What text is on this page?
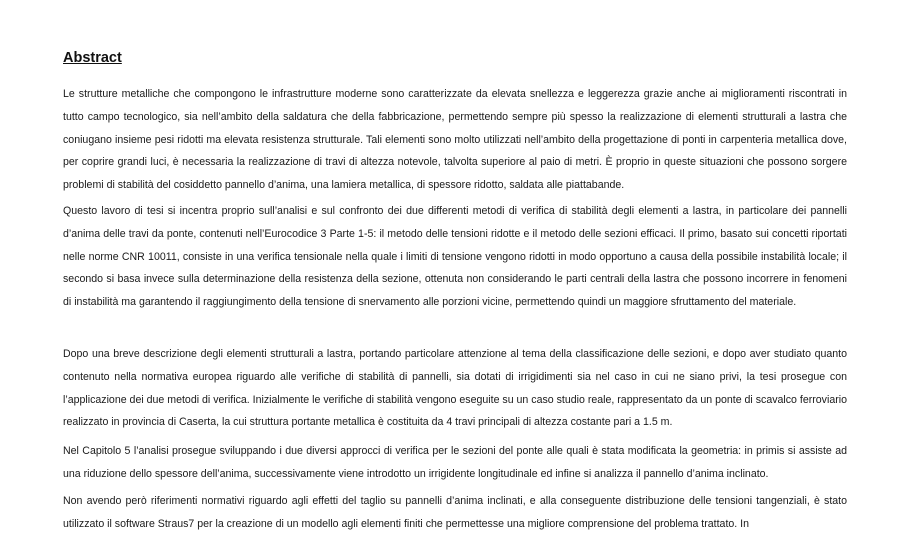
Abstract

Le strutture metalliche che compongono le infrastrutture moderne sono caratterizzate da elevata snellezza e leggerezza grazie anche ai miglioramenti riscontrati in tutto campo tecnologico, sia nell’ambito della saldatura che della fabbricazione, permettendo sempre più spesso la realizzazione di elementi strutturali a lastra che coniugano insieme pesi ridotti ma elevata resistenza strutturale. Tali elementi sono molto utilizzati nell’ambito della progettazione di ponti in carpenteria metallica dove, per coprire grandi luci, è necessaria la realizzazione di travi di altezza notevole, talvolta superiore al paio di metri. È proprio in queste situazioni che possono sorgere problemi di stabilità del cosiddetto pannello d’anima, una lamiera metallica, di spessore ridotto, saldata alle piattabande.

Questo lavoro di tesi si incentra proprio sull’analisi e sul confronto dei due differenti metodi di verifica di stabilità degli elementi a lastra, in particolare dei pannelli d’anima delle travi da ponte, contenuti nell’Eurocodice 3 Parte 1-5: il metodo delle tensioni ridotte e il metodo delle sezioni efficaci. Il primo, basato sui concetti riportati nelle norme CNR 10011, consiste in una verifica tensionale nella quale i limiti di tensione vengono ridotti in modo opportuno a causa della possibile instabilità locale; il secondo si basa invece sulla determinazione della resistenza della sezione, ottenuta non considerando le parti centrali della lastra che possono incorrere in fenomeni di instabilità ma garantendo il raggiungimento della tensione di snervamento alle porzioni vicine, permettendo quindi un maggiore sfruttamento del materiale.

Dopo una breve descrizione degli elementi strutturali a lastra, portando particolare attenzione al tema della classificazione delle sezioni, e dopo aver studiato quanto contenuto nella normativa europea riguardo alle verifiche di stabilità di pannelli, sia dotati di irrigidimenti sia nel caso in cui ne siano privi, la tesi prosegue con l’applicazione dei due metodi di verifica. Inizialmente le verifiche di stabilità vengono eseguite su un caso studio reale, rappresentato da un ponte di scavalco ferroviario realizzato in provincia di Caserta, la cui struttura portante metallica è costituita da 4 travi principali di altezza costante pari a 1.5 m.

Nel Capitolo 5 l’analisi prosegue sviluppando i due diversi approcci di verifica per le sezioni del ponte alle quali è stata modificata la geometria: in primis si assiste ad una riduzione dello spessore dell’anima, successivamente viene introdotto un irrigidente longitudinale ed infine si analizza il pannello d’anima inclinato.

Non avendo però riferimenti normativi riguardo agli effetti del taglio su pannelli d’anima inclinati, e alla conseguente distribuzione delle tensioni tangenziali, è stato utilizzato il software Straus7 per la creazione di un modello agli elementi finiti che permettesse una migliore comprensione del problema trattato. In
